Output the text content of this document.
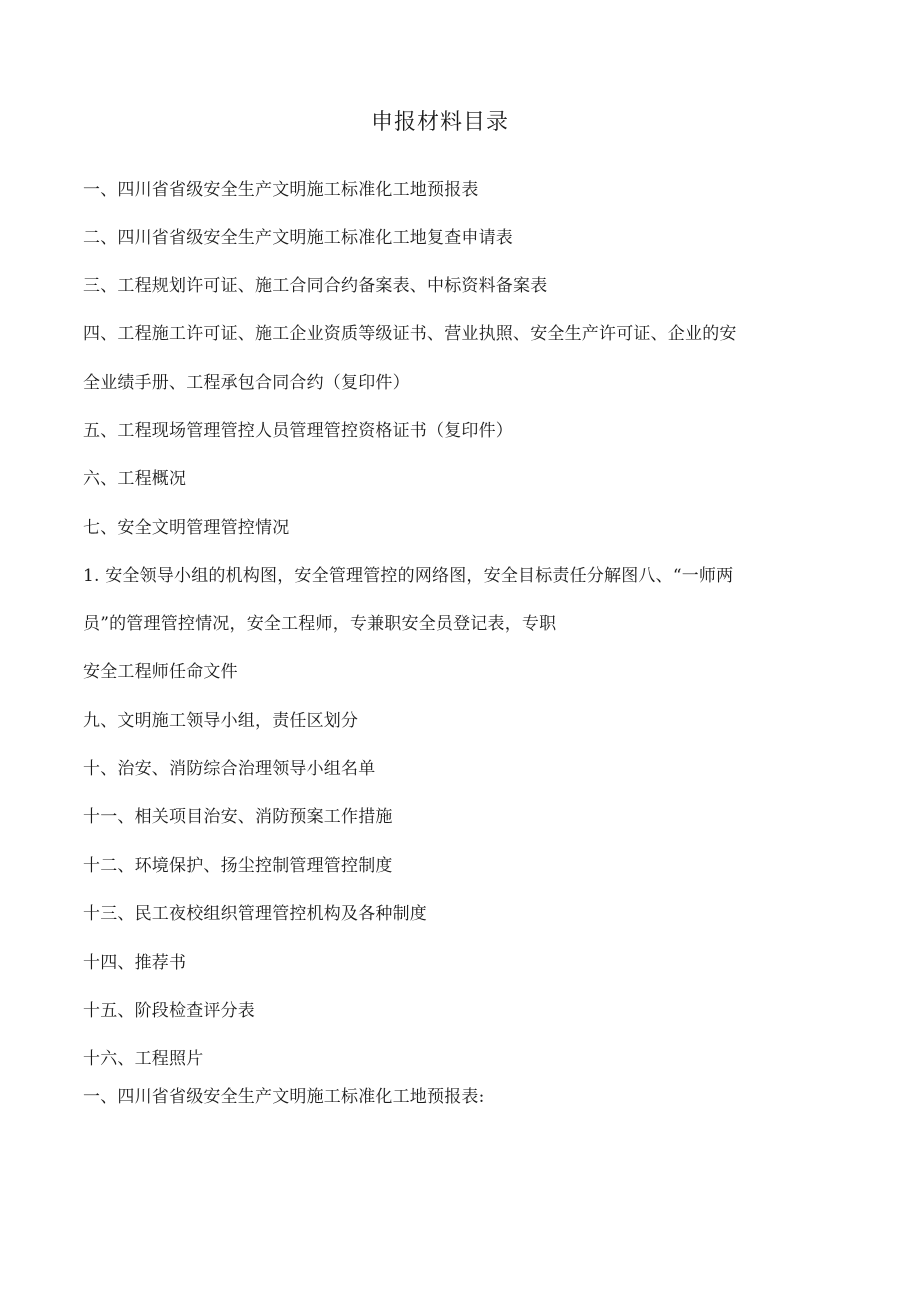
申报材料目录
一、四川省省级安全生产文明施工标准化工地预报表
二、四川省省级安全生产文明施工标准化工地复查申请表
三、工程规划许可证、施工合同合约备案表、中标资料备案表
四、工程施工许可证、施工企业资质等级证书、营业执照、安全生产许可证、企业的安
全业绩手册、工程承包合同合约（复印件）
五、工程现场管理管控人员管理管控资格证书（复印件）
六、工程概况
七、安全文明管理管控情况
1. 安全领导小组的机构图，安全管理管控的网络图，安全目标责任分解图八、“一师两
员”的管理管控情况，安全工程师，专兼职安全员登记表，专职
安全工程师任命文件
九、文明施工领导小组，责任区划分
十、治安、消防综合治理领导小组名单
十一、相关项目治安、消防预案工作措施
十二、环境保护、扬尘控制管理管控制度
十三、民工夜校组织管理管控机构及各种制度
十四、推荐书
十五、阶段检查评分表
十六、工程照片
一、四川省省级安全生产文明施工标准化工地预报表:
